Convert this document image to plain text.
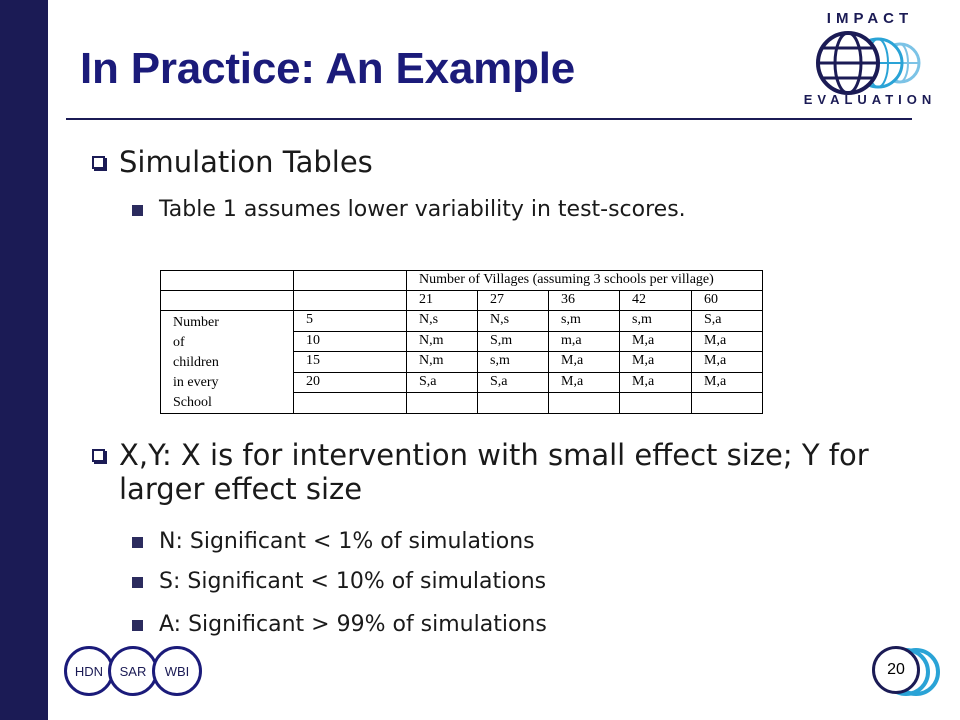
In Practice: An Example
IMPACT
EVALUATION
Simulation Tables
Table 1 assumes lower variability in test-scores.
		Number of Villages (assuming 3 schools per village)				
		21	27	36	42	60

Number
of
children
in every
School	5	N,s	N,s	s,m	s,m	S,a
	10	N,m	S,m	m,a	M,a	M,a
	15	N,m	s,m	M,a	M,a	M,a
	20	S,a	S,a	M,a	M,a	M,a

X,Y: X is for intervention with small effect size; Y for larger effect size
N: Significant < 1% of simulations
S: Significant < 10% of simulations
A: Significant > 99% of simulations
HDN	SAR	WBI	20
